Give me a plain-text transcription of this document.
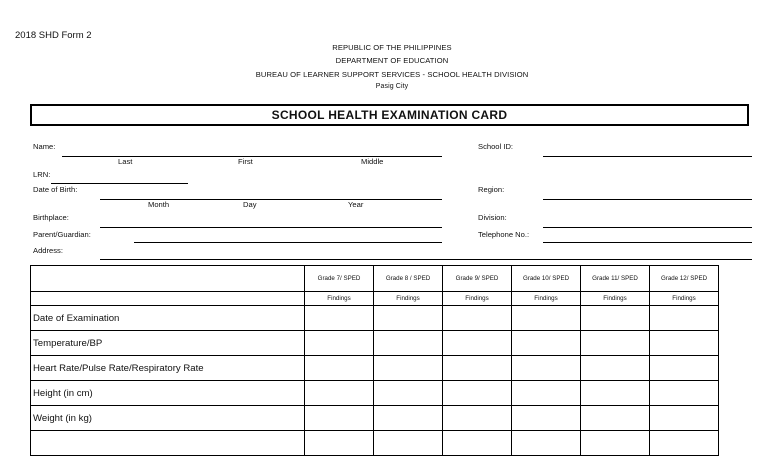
2018 SHD Form 2
REPUBLIC OF THE PHILIPPINES
DEPARTMENT OF EDUCATION
BUREAU OF LEARNER SUPPORT SERVICES - SCHOOL HEALTH DIVISION
Pasig City
SCHOOL HEALTH EXAMINATION CARD
Name:
Last	First	Middle
School ID:
LRN:
Date of Birth:
Month	Day	Year
Region:
Birthplace:	Division:
Parent/Guardian:	Telephone No.:
Address:
	Grade 7/ SPED	Grade 8 / SPED	Grade 9/ SPED	Grade 10/ SPED	Grade 11/ SPED	Grade 12/ SPED
	Findings	Findings	Findings	Findings	Findings	Findings
Date of Examination						
Temperature/BP						
Heart Rate/Pulse Rate/Respiratory Rate						
Height (in cm)						
Weight (in kg)						
